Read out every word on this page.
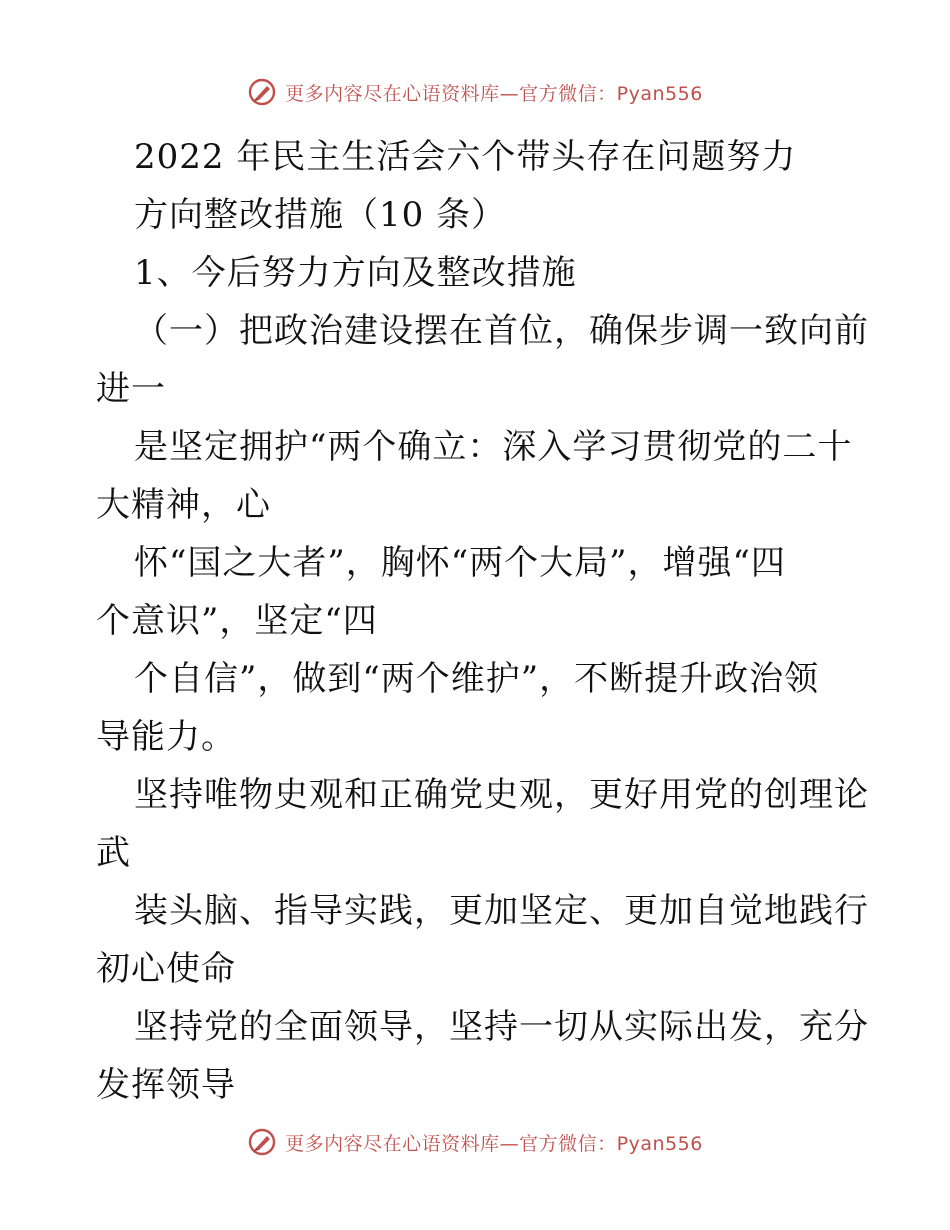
更多内容尽在心语资料库—官方微信：Pyan556
2022 年民主生活会六个带头存在问题努力
方向整改措施（10 条）
1、今后努力方向及整改措施
（一）把政治建设摆在首位，确保步调一致向前
进一
是坚定拥护“两个确立：深入学习贯彻党的二十
大精神，心
怀“国之大者”，胸怀“两个大局”，增强“四
个意识”，坚定“四
个自信”，做到“两个维护”，不断提升政治领
导能力。
坚持唯物史观和正确党史观，更好用党的创理论
武
装头脑、指导实践，更加坚定、更加自觉地践行
初心使命
坚持党的全面领导，坚持一切从实际出发，充分
发挥领导
更多内容尽在心语资料库—官方微信：Pyan556
